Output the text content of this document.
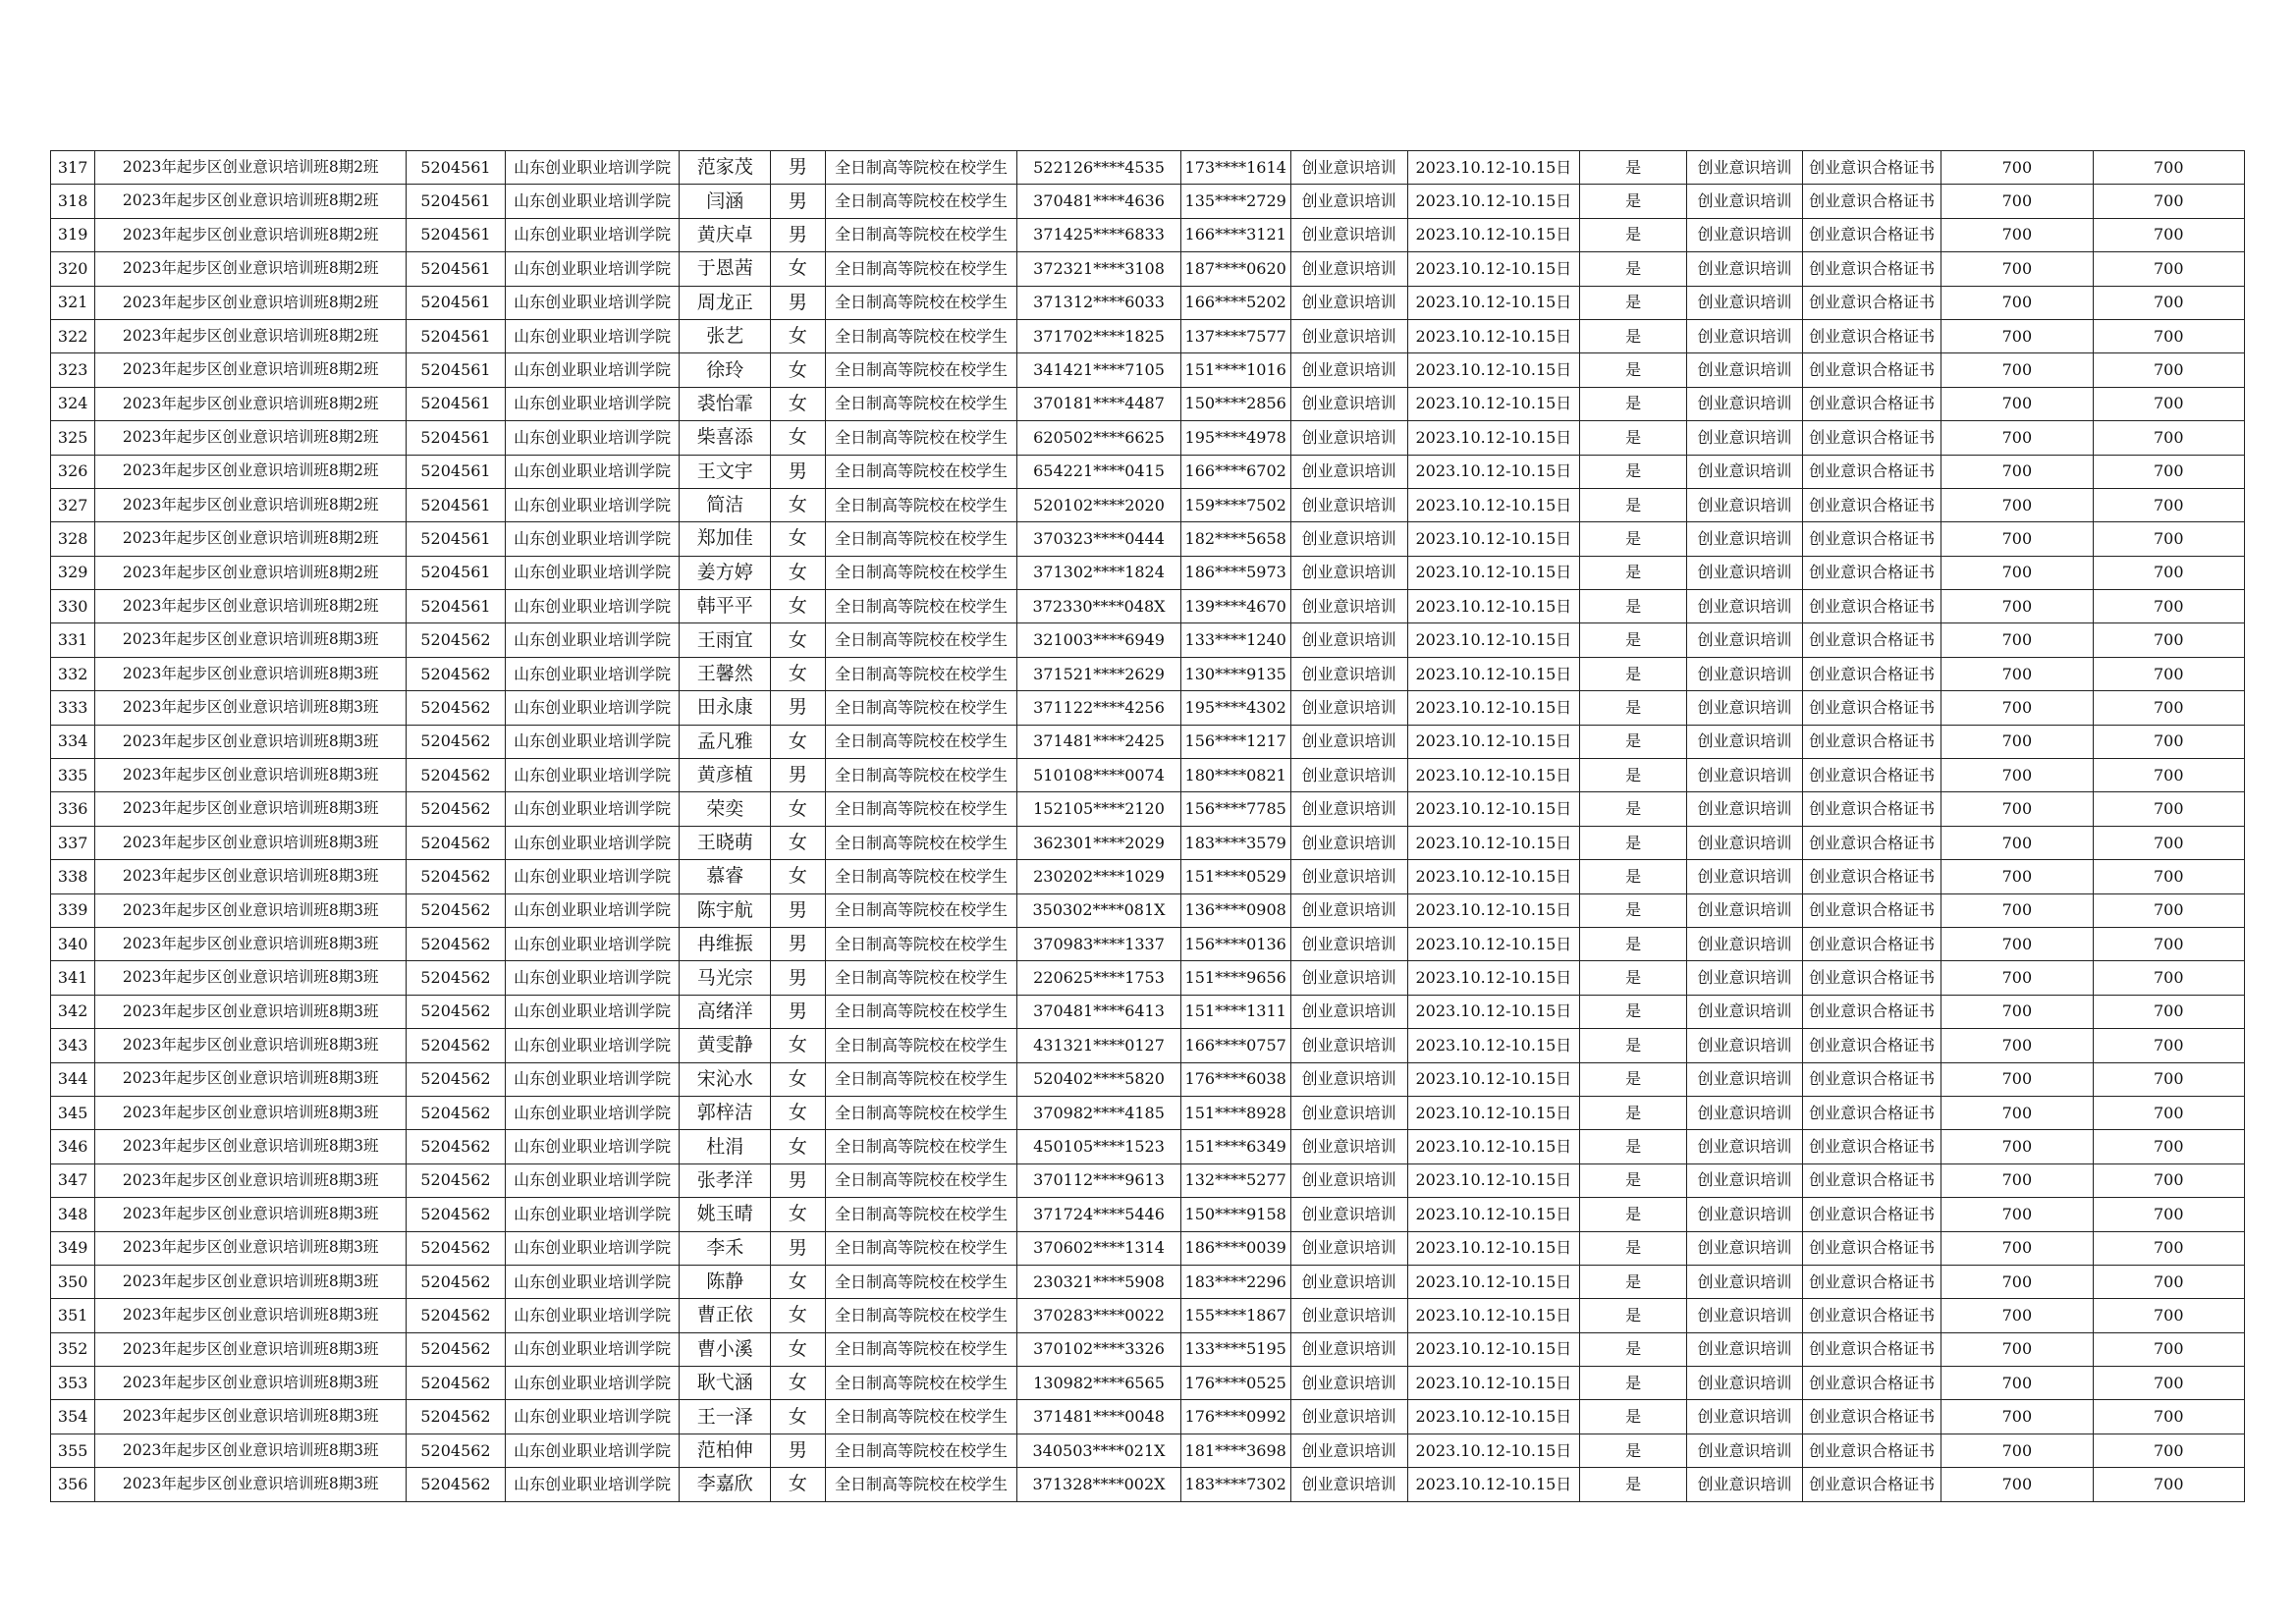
317	2023年起步区创业意识培训班8期2班	5204561	山东创业职业培训学院	范家茂	男	全日制高等院校在校学生	522126****4535	173****1614	创业意识培训	2023.10.12-10.15日	是	创业意识培训	创业意识合格证书	700	700
318	2023年起步区创业意识培训班8期2班	5204561	山东创业职业培训学院	闫涵	男	全日制高等院校在校学生	370481****4636	135****2729	创业意识培训	2023.10.12-10.15日	是	创业意识培训	创业意识合格证书	700	700
319	2023年起步区创业意识培训班8期2班	5204561	山东创业职业培训学院	黄庆卓	男	全日制高等院校在校学生	371425****6833	166****3121	创业意识培训	2023.10.12-10.15日	是	创业意识培训	创业意识合格证书	700	700
320	2023年起步区创业意识培训班8期2班	5204561	山东创业职业培训学院	于恩茜	女	全日制高等院校在校学生	372321****3108	187****0620	创业意识培训	2023.10.12-10.15日	是	创业意识培训	创业意识合格证书	700	700
321	2023年起步区创业意识培训班8期2班	5204561	山东创业职业培训学院	周龙正	男	全日制高等院校在校学生	371312****6033	166****5202	创业意识培训	2023.10.12-10.15日	是	创业意识培训	创业意识合格证书	700	700
322	2023年起步区创业意识培训班8期2班	5204561	山东创业职业培训学院	张艺	女	全日制高等院校在校学生	371702****1825	137****7577	创业意识培训	2023.10.12-10.15日	是	创业意识培训	创业意识合格证书	700	700
323	2023年起步区创业意识培训班8期2班	5204561	山东创业职业培训学院	徐玲	女	全日制高等院校在校学生	341421****7105	151****1016	创业意识培训	2023.10.12-10.15日	是	创业意识培训	创业意识合格证书	700	700
324	2023年起步区创业意识培训班8期2班	5204561	山东创业职业培训学院	裘怡霏	女	全日制高等院校在校学生	370181****4487	150****2856	创业意识培训	2023.10.12-10.15日	是	创业意识培训	创业意识合格证书	700	700
325	2023年起步区创业意识培训班8期2班	5204561	山东创业职业培训学院	柴喜添	女	全日制高等院校在校学生	620502****6625	195****4978	创业意识培训	2023.10.12-10.15日	是	创业意识培训	创业意识合格证书	700	700
326	2023年起步区创业意识培训班8期2班	5204561	山东创业职业培训学院	王文宇	男	全日制高等院校在校学生	654221****0415	166****6702	创业意识培训	2023.10.12-10.15日	是	创业意识培训	创业意识合格证书	700	700
327	2023年起步区创业意识培训班8期2班	5204561	山东创业职业培训学院	简洁	女	全日制高等院校在校学生	520102****2020	159****7502	创业意识培训	2023.10.12-10.15日	是	创业意识培训	创业意识合格证书	700	700
328	2023年起步区创业意识培训班8期2班	5204561	山东创业职业培训学院	郑加佳	女	全日制高等院校在校学生	370323****0444	182****5658	创业意识培训	2023.10.12-10.15日	是	创业意识培训	创业意识合格证书	700	700
329	2023年起步区创业意识培训班8期2班	5204561	山东创业职业培训学院	姜方婷	女	全日制高等院校在校学生	371302****1824	186****5973	创业意识培训	2023.10.12-10.15日	是	创业意识培训	创业意识合格证书	700	700
330	2023年起步区创业意识培训班8期2班	5204561	山东创业职业培训学院	韩平平	女	全日制高等院校在校学生	372330****048X	139****4670	创业意识培训	2023.10.12-10.15日	是	创业意识培训	创业意识合格证书	700	700
331	2023年起步区创业意识培训班8期3班	5204562	山东创业职业培训学院	王雨宜	女	全日制高等院校在校学生	321003****6949	133****1240	创业意识培训	2023.10.12-10.15日	是	创业意识培训	创业意识合格证书	700	700
332	2023年起步区创业意识培训班8期3班	5204562	山东创业职业培训学院	王馨然	女	全日制高等院校在校学生	371521****2629	130****9135	创业意识培训	2023.10.12-10.15日	是	创业意识培训	创业意识合格证书	700	700
333	2023年起步区创业意识培训班8期3班	5204562	山东创业职业培训学院	田永康	男	全日制高等院校在校学生	371122****4256	195****4302	创业意识培训	2023.10.12-10.15日	是	创业意识培训	创业意识合格证书	700	700
334	2023年起步区创业意识培训班8期3班	5204562	山东创业职业培训学院	孟凡雅	女	全日制高等院校在校学生	371481****2425	156****1217	创业意识培训	2023.10.12-10.15日	是	创业意识培训	创业意识合格证书	700	700
335	2023年起步区创业意识培训班8期3班	5204562	山东创业职业培训学院	黄彦植	男	全日制高等院校在校学生	510108****0074	180****0821	创业意识培训	2023.10.12-10.15日	是	创业意识培训	创业意识合格证书	700	700
336	2023年起步区创业意识培训班8期3班	5204562	山东创业职业培训学院	荣奕	女	全日制高等院校在校学生	152105****2120	156****7785	创业意识培训	2023.10.12-10.15日	是	创业意识培训	创业意识合格证书	700	700
337	2023年起步区创业意识培训班8期3班	5204562	山东创业职业培训学院	王晓萌	女	全日制高等院校在校学生	362301****2029	183****3579	创业意识培训	2023.10.12-10.15日	是	创业意识培训	创业意识合格证书	700	700
338	2023年起步区创业意识培训班8期3班	5204562	山东创业职业培训学院	慕睿	女	全日制高等院校在校学生	230202****1029	151****0529	创业意识培训	2023.10.12-10.15日	是	创业意识培训	创业意识合格证书	700	700
339	2023年起步区创业意识培训班8期3班	5204562	山东创业职业培训学院	陈宇航	男	全日制高等院校在校学生	350302****081X	136****0908	创业意识培训	2023.10.12-10.15日	是	创业意识培训	创业意识合格证书	700	700
340	2023年起步区创业意识培训班8期3班	5204562	山东创业职业培训学院	冉维振	男	全日制高等院校在校学生	370983****1337	156****0136	创业意识培训	2023.10.12-10.15日	是	创业意识培训	创业意识合格证书	700	700
341	2023年起步区创业意识培训班8期3班	5204562	山东创业职业培训学院	马光宗	男	全日制高等院校在校学生	220625****1753	151****9656	创业意识培训	2023.10.12-10.15日	是	创业意识培训	创业意识合格证书	700	700
342	2023年起步区创业意识培训班8期3班	5204562	山东创业职业培训学院	高绪洋	男	全日制高等院校在校学生	370481****6413	151****1311	创业意识培训	2023.10.12-10.15日	是	创业意识培训	创业意识合格证书	700	700
343	2023年起步区创业意识培训班8期3班	5204562	山东创业职业培训学院	黄雯静	女	全日制高等院校在校学生	431321****0127	166****0757	创业意识培训	2023.10.12-10.15日	是	创业意识培训	创业意识合格证书	700	700
344	2023年起步区创业意识培训班8期3班	5204562	山东创业职业培训学院	宋沁水	女	全日制高等院校在校学生	520402****5820	176****6038	创业意识培训	2023.10.12-10.15日	是	创业意识培训	创业意识合格证书	700	700
345	2023年起步区创业意识培训班8期3班	5204562	山东创业职业培训学院	郭梓洁	女	全日制高等院校在校学生	370982****4185	151****8928	创业意识培训	2023.10.12-10.15日	是	创业意识培训	创业意识合格证书	700	700
346	2023年起步区创业意识培训班8期3班	5204562	山东创业职业培训学院	杜涓	女	全日制高等院校在校学生	450105****1523	151****6349	创业意识培训	2023.10.12-10.15日	是	创业意识培训	创业意识合格证书	700	700
347	2023年起步区创业意识培训班8期3班	5204562	山东创业职业培训学院	张孝洋	男	全日制高等院校在校学生	370112****9613	132****5277	创业意识培训	2023.10.12-10.15日	是	创业意识培训	创业意识合格证书	700	700
348	2023年起步区创业意识培训班8期3班	5204562	山东创业职业培训学院	姚玉晴	女	全日制高等院校在校学生	371724****5446	150****9158	创业意识培训	2023.10.12-10.15日	是	创业意识培训	创业意识合格证书	700	700
349	2023年起步区创业意识培训班8期3班	5204562	山东创业职业培训学院	李禾	男	全日制高等院校在校学生	370602****1314	186****0039	创业意识培训	2023.10.12-10.15日	是	创业意识培训	创业意识合格证书	700	700
350	2023年起步区创业意识培训班8期3班	5204562	山东创业职业培训学院	陈静	女	全日制高等院校在校学生	230321****5908	183****2296	创业意识培训	2023.10.12-10.15日	是	创业意识培训	创业意识合格证书	700	700
351	2023年起步区创业意识培训班8期3班	5204562	山东创业职业培训学院	曹正依	女	全日制高等院校在校学生	370283****0022	155****1867	创业意识培训	2023.10.12-10.15日	是	创业意识培训	创业意识合格证书	700	700
352	2023年起步区创业意识培训班8期3班	5204562	山东创业职业培训学院	曹小溪	女	全日制高等院校在校学生	370102****3326	133****5195	创业意识培训	2023.10.12-10.15日	是	创业意识培训	创业意识合格证书	700	700
353	2023年起步区创业意识培训班8期3班	5204562	山东创业职业培训学院	耿弋涵	女	全日制高等院校在校学生	130982****6565	176****0525	创业意识培训	2023.10.12-10.15日	是	创业意识培训	创业意识合格证书	700	700
354	2023年起步区创业意识培训班8期3班	5204562	山东创业职业培训学院	王一泽	女	全日制高等院校在校学生	371481****0048	176****0992	创业意识培训	2023.10.12-10.15日	是	创业意识培训	创业意识合格证书	700	700
355	2023年起步区创业意识培训班8期3班	5204562	山东创业职业培训学院	范柏伸	男	全日制高等院校在校学生	340503****021X	181****3698	创业意识培训	2023.10.12-10.15日	是	创业意识培训	创业意识合格证书	700	700
356	2023年起步区创业意识培训班8期3班	5204562	山东创业职业培训学院	李嘉欣	女	全日制高等院校在校学生	371328****002X	183****7302	创业意识培训	2023.10.12-10.15日	是	创业意识培训	创业意识合格证书	700	700
